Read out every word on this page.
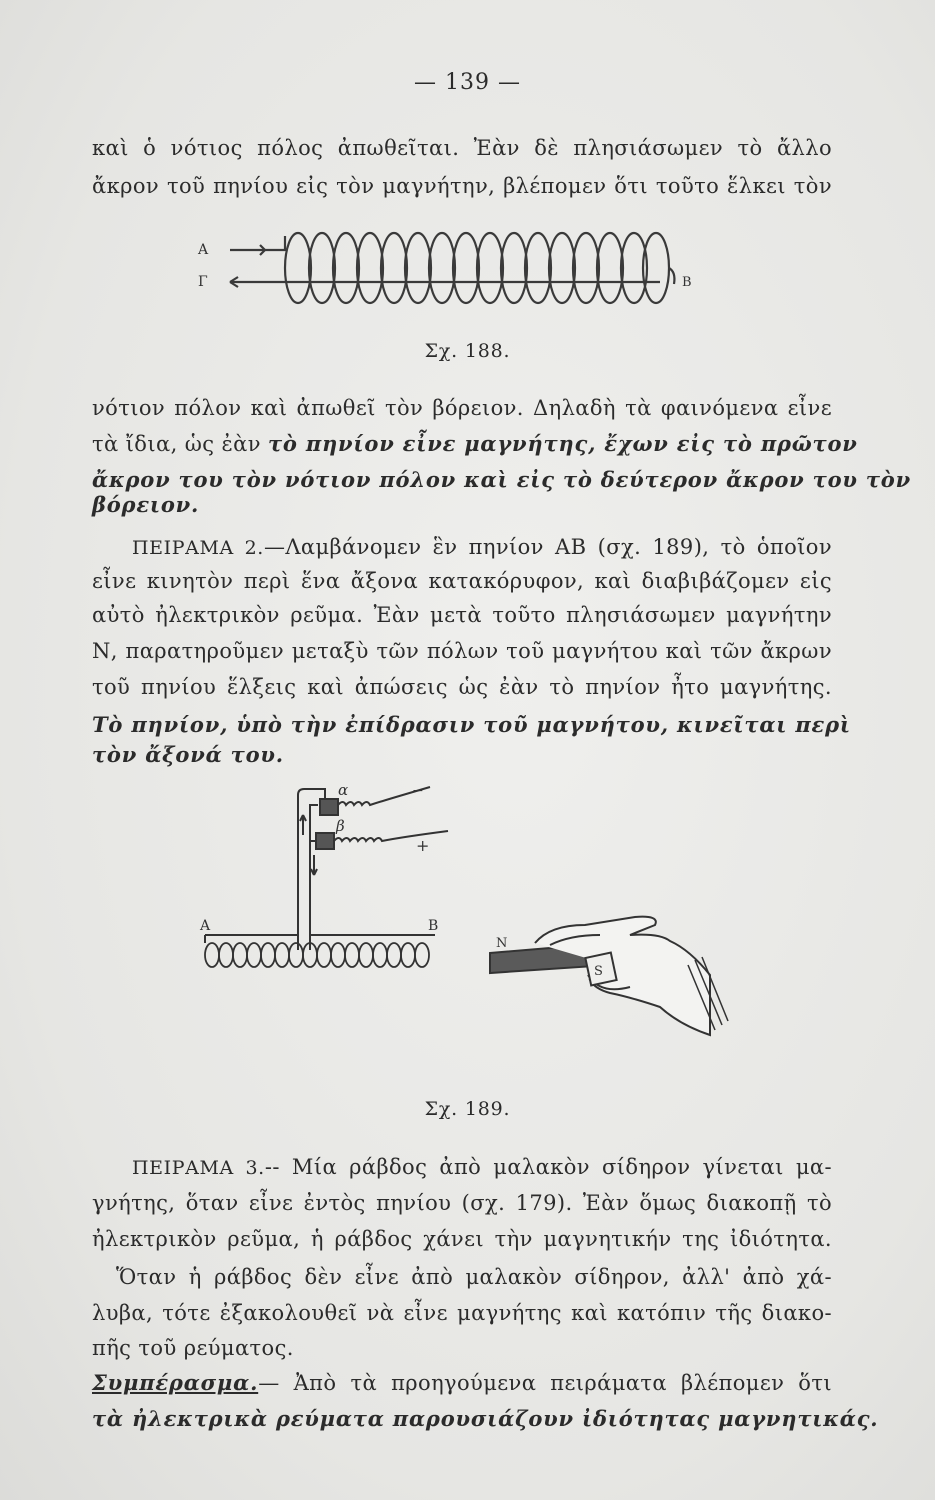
— 139 —
καὶ ὁ νότιος πόλος ἀπωθεῖται. Ἐὰν δὲ πλησιάσωμεν τὸ ἄλλο
ἄκρον τοῦ πηνίου εἰς τὸν μαγνήτην, βλέπομεν ὅτι τοῦτο ἕλκει τὸν
Α
Γ	Β
Σχ. 188.
νότιον πόλον καὶ ἀπωθεῖ τὸν βόρειον. Δηλαδὴ τὰ φαινόμενα εἶνε
τὰ ἴδια, ὡς ἐὰν τὸ πηνίον εἶνε μαγνήτης, ἔχων εἰς τὸ πρῶτον
ἄκρον του τὸν νότιον πόλον καὶ εἰς τὸ δεύτερον ἄκρον του τὸν
βόρειον.
ΠΕΙΡΑΜΑ 2.—Λαμβάνομεν ἓν πηνίον ΑΒ (σχ. 189), τὸ ὁποῖον
εἶνε κινητὸν περὶ ἕνα ἄξονα κατακόρυφον, καὶ διαβιβάζομεν εἰς
αὐτὸ ἠλεκτρικὸν ρεῦμα. Ἐὰν μετὰ τοῦτο πλησιάσωμεν μαγνήτην
Ν, παρατηροῦμεν μεταξὺ τῶν πόλων τοῦ μαγνήτου καὶ τῶν ἄκρων
τοῦ πηνίου ἕλξεις καὶ ἀπώσεις ὡς ἐὰν τὸ πηνίον ἦτο μαγνήτης.
Τὸ πηνίον, ὑπὸ τὴν ἐπίδρασιν τοῦ μαγνήτου, κινεῖται περὶ
τὸν ἄξονά του.
α
β
−
+
Α	Β
Ν
S
Σχ. 189.
ΠΕΙΡΑΜΑ 3.-- Μία ράβδος ἀπὸ μαλακὸν σίδηρον γίνεται μα-
γνήτης, ὅταν εἶνε ἐντὸς πηνίου (σχ. 179). Ἐὰν ὅμως διακοπῇ τὸ
ἠλεκτρικὸν ρεῦμα, ἡ ράβδος χάνει τὴν μαγνητικήν της ἰδιότητα.
Ὅταν ἡ ράβδος δὲν εἶνε ἀπὸ μαλακὸν σίδηρον, ἀλλ' ἀπὸ χά-
λυβα, τότε ἐξακολουθεῖ νὰ εἶνε μαγνήτης καὶ κατόπιν τῆς διακο-
πῆς τοῦ ρεύματος.
Συμπέρασμα.— Ἀπὸ τὰ προηγούμενα πειράματα βλέπομεν ὅτι
τὰ ἠλεκτρικὰ ρεύματα παρουσιάζουν ἰδιότητας μαγνητικάς.
